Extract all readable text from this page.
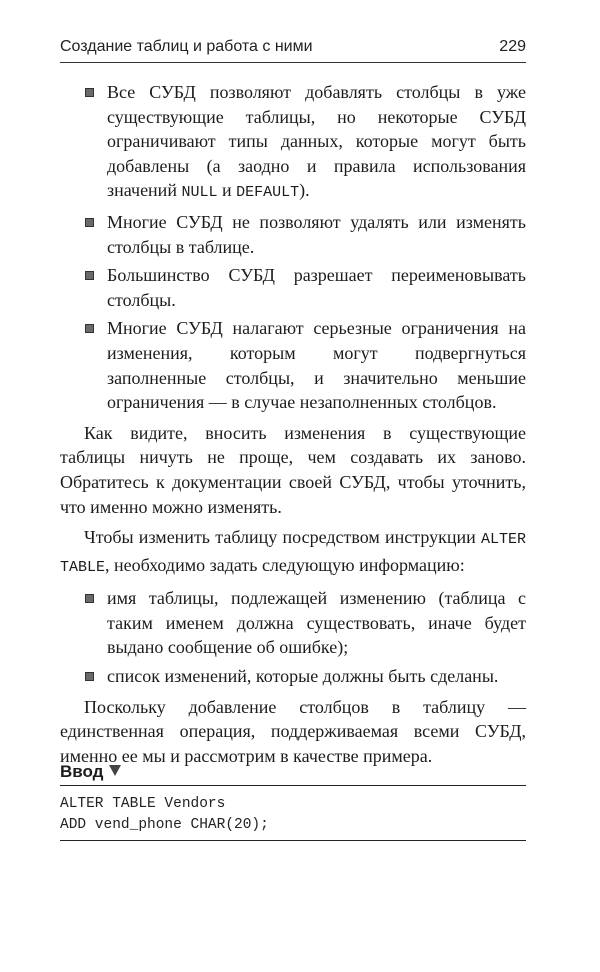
Создание таблиц и работа с ними	229
Все СУБД позволяют добавлять столбцы в уже существующие таблицы, но некоторые СУБД ограничивают типы данных, которые могут быть добавлены (а заодно и правила использования значений NULL и DEFAULT).
Многие СУБД не позволяют удалять или изменять столбцы в таблице.
Большинство СУБД разрешает переименовывать столбцы.
Многие СУБД налагают серьезные ограничения на изменения, которым могут подвергнуться заполненные столбцы, и значительно меньшие ограничения — в случае незаполненных столбцов.

Как видите, вносить изменения в существующие таблицы ничуть не проще, чем создавать их заново. Обратитесь к документации своей СУБД, чтобы уточнить, что именно можно изменять.

Чтобы изменить таблицу посредством инструкции ALTER TABLE, необходимо задать следующую информацию:

имя таблицы, подлежащей изменению (таблица с таким именем должна существовать, иначе будет выдано сообщение об ошибке);
список изменений, которые должны быть сделаны.

Поскольку добавление столбцов в таблицу — единственная операция, поддерживаемая всеми СУБД, именно ее мы и рассмотрим в качестве примера.

Ввод
ALTER TABLE Vendors
ADD vend_phone CHAR(20);
